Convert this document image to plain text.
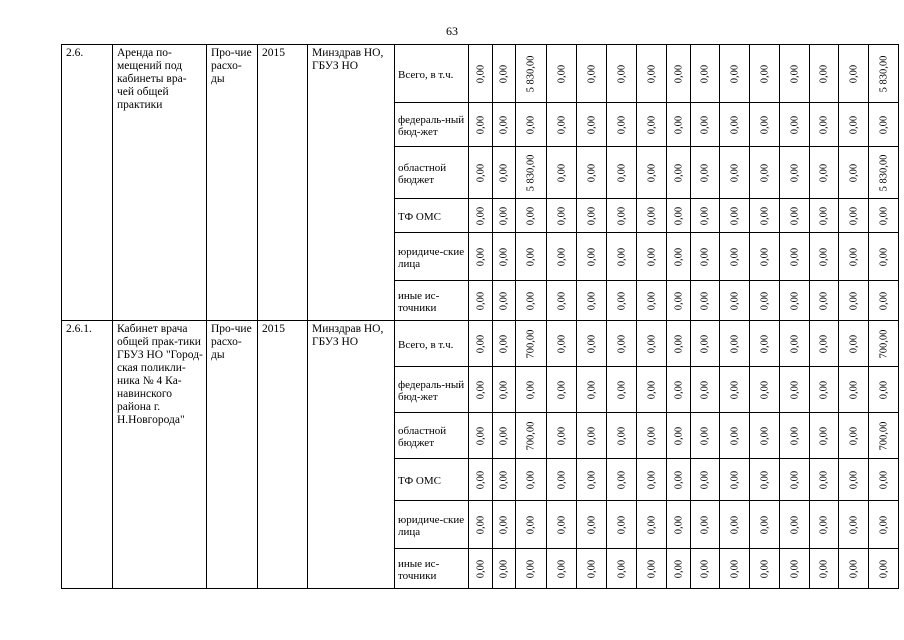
63
2.6.	Аренда по-мещений под кабинеты вра-чей общей практики	Про-чие расхо-ды	2015	Минздрав НО, ГБУЗ НО	Всего, в т.ч.	0,00	0,00	5 830,00	0,00	0,00	0,00	0,00	0,00	0,00	0,00	0,00	0,00	0,00	0,00	5 830,00

					федераль-ный бюд-жет	0,00	0,00	0,00	0,00	0,00	0,00	0,00	0,00	0,00	0,00	0,00	0,00	0,00	0,00	0,00

					областной бюджет	0,00	0,00	5 830,00	0,00	0,00	0,00	0,00	0,00	0,00	0,00	0,00	0,00	0,00	0,00	5 830,00

					ТФ ОМС	0,00	0,00	0,00	0,00	0,00	0,00	0,00	0,00	0,00	0,00	0,00	0,00	0,00	0,00	0,00

					юридиче-ские лица	0,00	0,00	0,00	0,00	0,00	0,00	0,00	0,00	0,00	0,00	0,00	0,00	0,00	0,00	0,00

					иные ис-точники	0,00	0,00	0,00	0,00	0,00	0,00	0,00	0,00	0,00	0,00	0,00	0,00	0,00	0,00	0,00

2.6.1.	Кабинет врача общей прак-тики ГБУЗ НО "Город-ская поликли-ника № 4 Ка-навинского района г. Н.Новгорода"	Про-чие расхо-ды	2015	Минздрав НО, ГБУЗ НО	Всего, в т.ч.	0,00	0,00	700,00	0,00	0,00	0,00	0,00	0,00	0,00	0,00	0,00	0,00	0,00	0,00	700,00

					федераль-ный бюд-жет	0,00	0,00	0,00	0,00	0,00	0,00	0,00	0,00	0,00	0,00	0,00	0,00	0,00	0,00	0,00

					областной бюджет	0,00	0,00	700,00	0,00	0,00	0,00	0,00	0,00	0,00	0,00	0,00	0,00	0,00	0,00	700,00

					ТФ ОМС	0,00	0,00	0,00	0,00	0,00	0,00	0,00	0,00	0,00	0,00	0,00	0,00	0,00	0,00	0,00

					юридиче-ские лица	0,00	0,00	0,00	0,00	0,00	0,00	0,00	0,00	0,00	0,00	0,00	0,00	0,00	0,00	0,00

					иные ис-точники	0,00	0,00	0,00	0,00	0,00	0,00	0,00	0,00	0,00	0,00	0,00	0,00	0,00	0,00	0,00
